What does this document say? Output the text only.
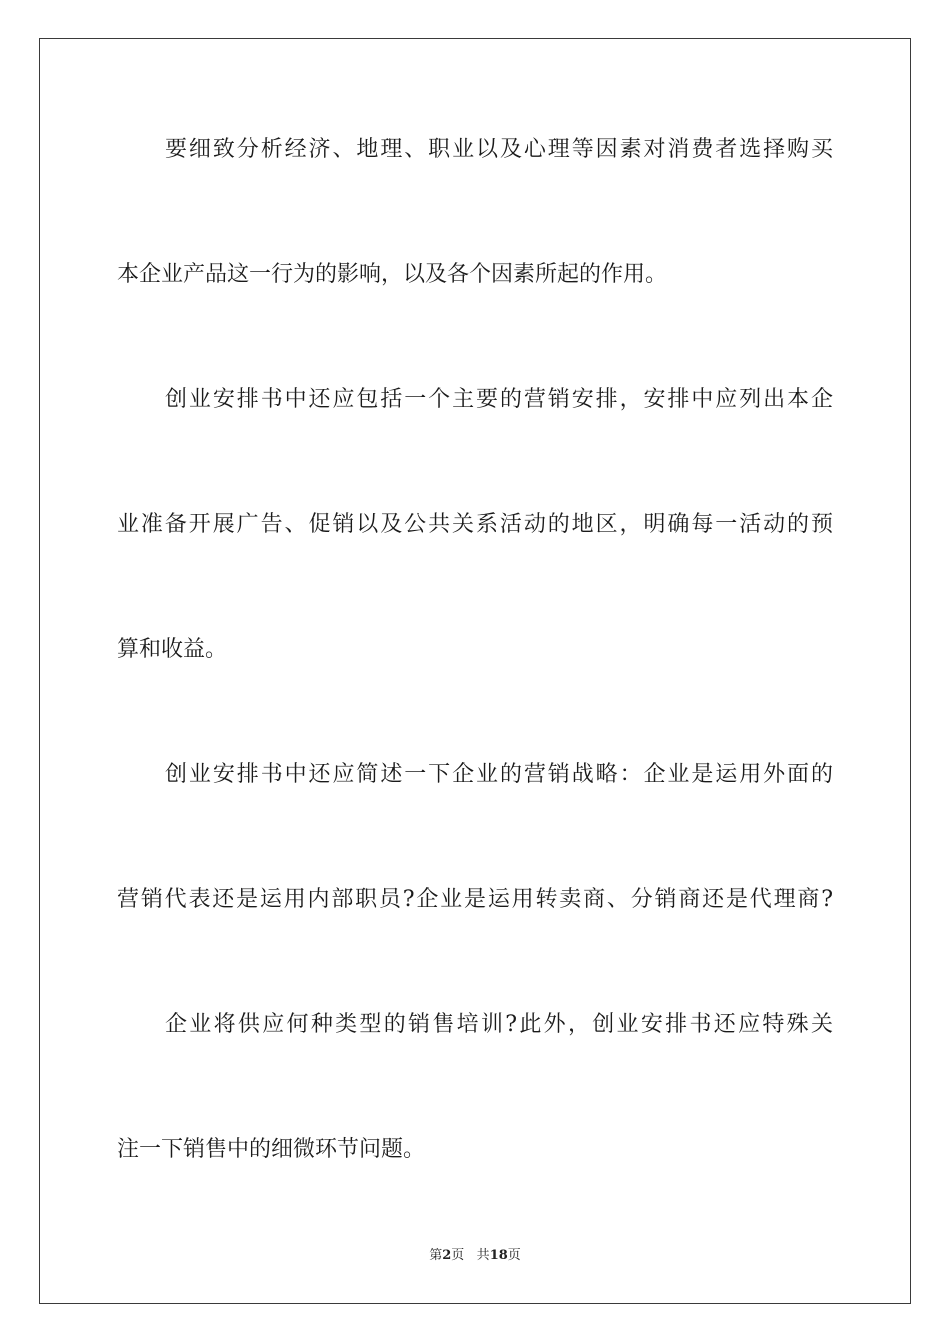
要细致分析经济、地理、职业以及心理等因素对消费者选择购买
本企业产品这一行为的影响，以及各个因素所起的作用。
创业安排书中还应包括一个主要的营销安排，安排中应列出本企
业准备开展广告、促销以及公共关系活动的地区，明确每一活动的预
算和收益。
创业安排书中还应简述一下企业的营销战略：企业是运用外面的
营销代表还是运用内部职员?企业是运用转卖商、分销商还是代理商?
企业将供应何种类型的销售培训?此外，创业安排书还应特殊关
注一下销售中的细微环节问题。
第2页 共18页
